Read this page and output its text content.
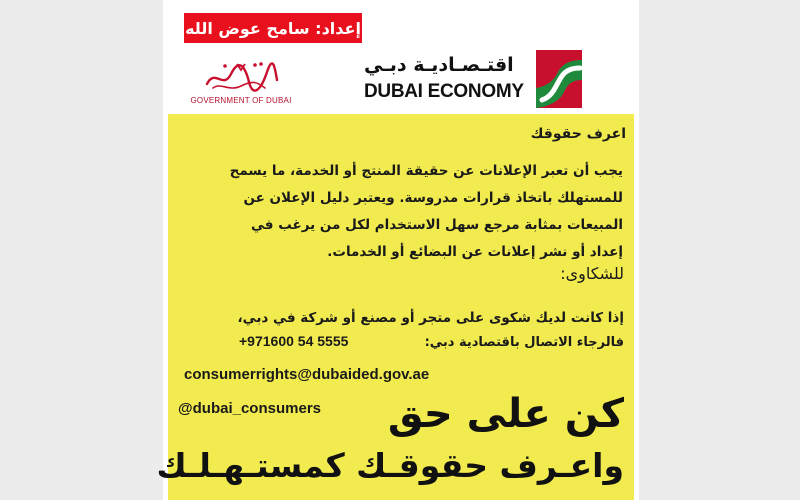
إعداد: سامح عوض الله
GOVERNMENT OF DUBAI
اقتـصـاديـة دبـي
DUBAI ECONOMY
اعرف حقوقك
يجب أن تعبر الإعلانات عن حقيقة المنتج أو الخدمة، ما يسمح
للمستهلك باتخاذ قرارات مدروسة. ويعتبر دليل الإعلان عن
المبيعات بمثابة مرجع سهل الاستخدام لكل من يرغب في
إعداد أو نشر إعلانات عن البضائع أو الخدمات.
للشكاوى:
إذا كانت لديك شكوى على متجر أو مصنع أو شركة في دبي،
فالرجاء الاتصال باقتصادية دبي:
+971600 54 5555
consumerrights@dubaided.gov.ae
@dubai_consumers كن على حق
واعـرف حقوقـك كمستـهـلـك
